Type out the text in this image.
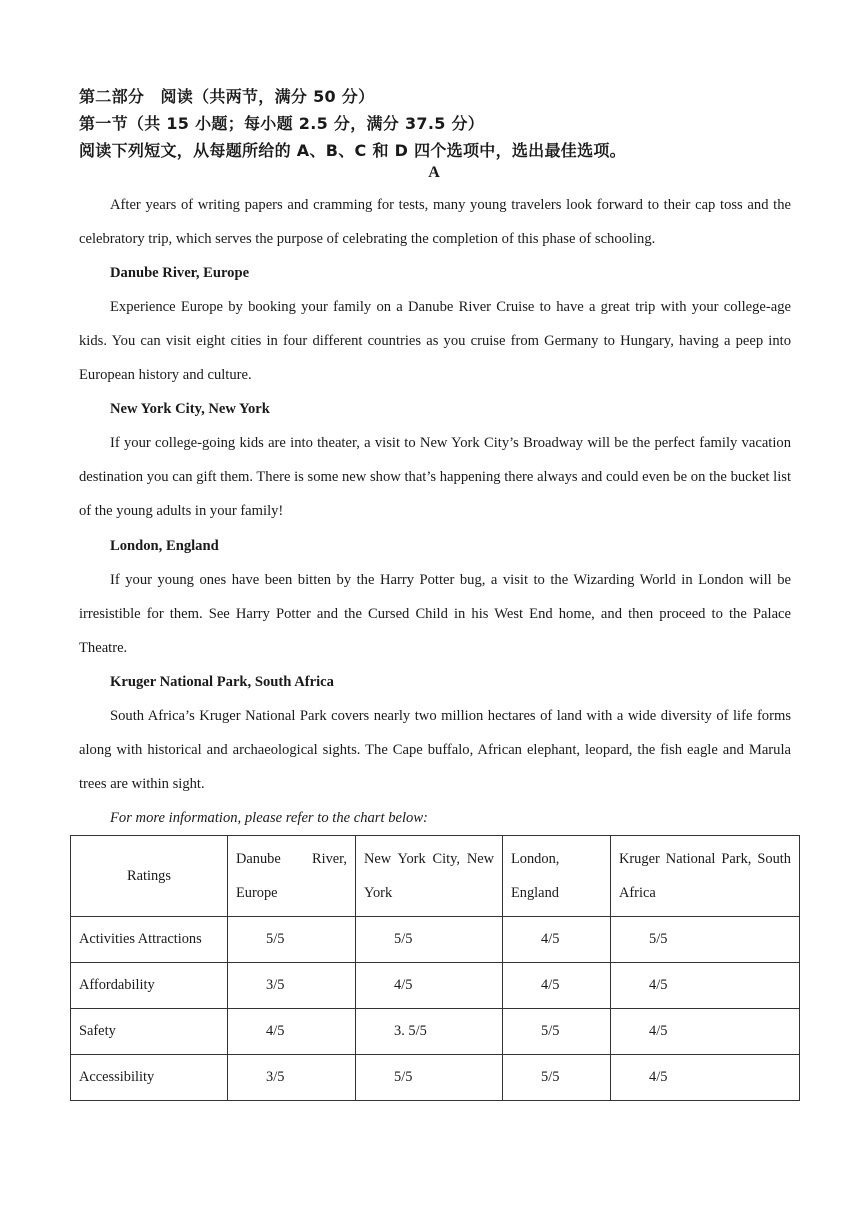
第二部分　阅读（共两节，满分 50 分）
第一节（共 15 小题；每小题 2.5 分，满分 37.5 分）
阅读下列短文，从每题所给的 A、B、C 和 D 四个选项中，选出最佳选项。
A
After years of writing papers and cramming for tests, many young travelers look forward to their cap toss and the celebratory trip, which serves the purpose of celebrating the completion of this phase of schooling.
Danube River, Europe
Experience Europe by booking your family on a Danube River Cruise to have a great trip with your college-age kids. You can visit eight cities in four different countries as you cruise from Germany to Hungary, having a peep into European history and culture.
New York City, New York
If your college-going kids are into theater, a visit to New York City’s Broadway will be the perfect family vacation destination you can gift them. There is some new show that’s happening there always and could even be on the bucket list of the young adults in your family!
London, England
If your young ones have been bitten by the Harry Potter bug, a visit to the Wizarding World in London will be irresistible for them. See Harry Potter and the Cursed Child in his West End home, and then proceed to the Palace Theatre.
Kruger National Park, South Africa
South Africa’s Kruger National Park covers nearly two million hectares of land with a wide diversity of life forms along with historical and archaeological sights. The Cape buffalo, African elephant, leopard, the fish eagle and Marula trees are within sight.
For more information, please refer to the chart below:
Ratings	Danube River, Europe	New York City, New York	London, England	Kruger National Park, South Africa
Activities Attractions	5/5	5/5	4/5	5/5
Affordability	3/5	4/5	4/5	4/5
Safety	4/5	3. 5/5	5/5	4/5
Accessibility	3/5	5/5	5/5	4/5
